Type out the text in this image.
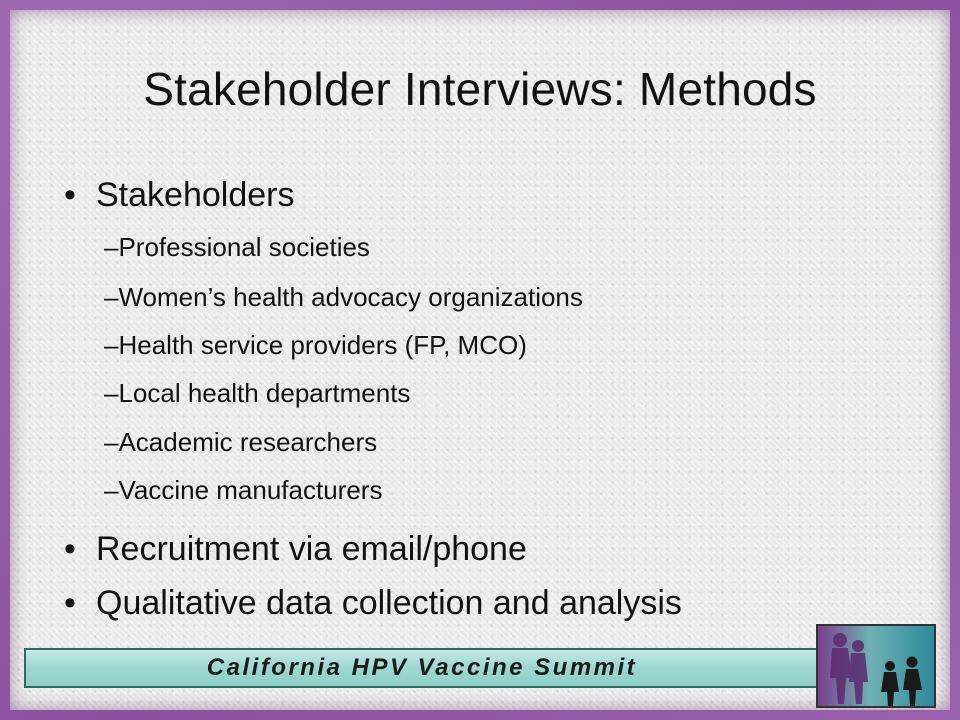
Stakeholder Interviews: Methods
• Stakeholders
–Professional societies
–Women’s health advocacy organizations
–Health service providers (FP, MCO)
–Local health departments
–Academic researchers
–Vaccine manufacturers
• Recruitment via email/phone
• Qualitative data collection and analysis
California HPV Vaccine Summit
